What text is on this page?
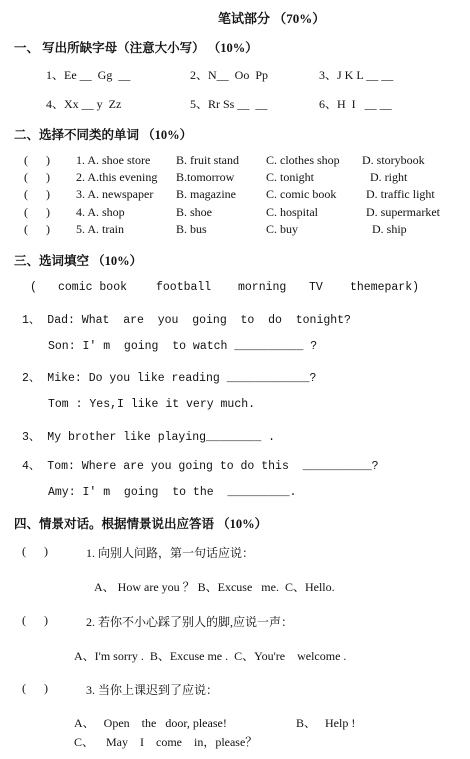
笔试部分 （70%）
一、 写出所缺字母（注意大小写） （10%）
1、Ee __  Gg  __	2、N__  Oo  Pp	3、J K L __ __
4、Xx __ y  Zz	5、Rr Ss __  __	6、H  I   __ __
二、选择不同类的单词 （10%）
(      ) 1. A. shoe store B. fruit stand C. clothes shop D. storybook
(      ) 2. A.this evening B.tomorrow	C. tonight	D. right
(      ) 3. A. newspaper B. magazine	C. comic book D. traffic light
(      ) 4. A. shop	B. shoe	C. hospital	D. supermarket
(      ) 5. A. train	B. bus	C. buy	D. ship
三、选词填空 （10%）
( comic book	football morning TV themepark)
1、 Dad: What  are  you  going  to  do  tonight?
Son: I' m  going  to watch __________ ?
2、 Mike: Do you like reading ____________?
Tom : Yes,I like it very much.
3、 My brother like playing________ .
4、 Tom: Where are you going to do this  __________?
Amy: I' m  going  to the  _________.
四、情景对话。根据情景说出应答语 （10%）
(      )	1. 向别人问路，第一句话应说：
A、 How are you ？ B、Excuse   me.  C、Hello.
(      )	2. 若你不小心踩了别人的脚,应说一声：
A、I'm sorry .  B、Excuse me .  C、You're    welcome .
(      )	3. 当你上课迟到了应说：
A、   Open    the   door, please!	B、   Help !
C、    May    I    come    in，please？
